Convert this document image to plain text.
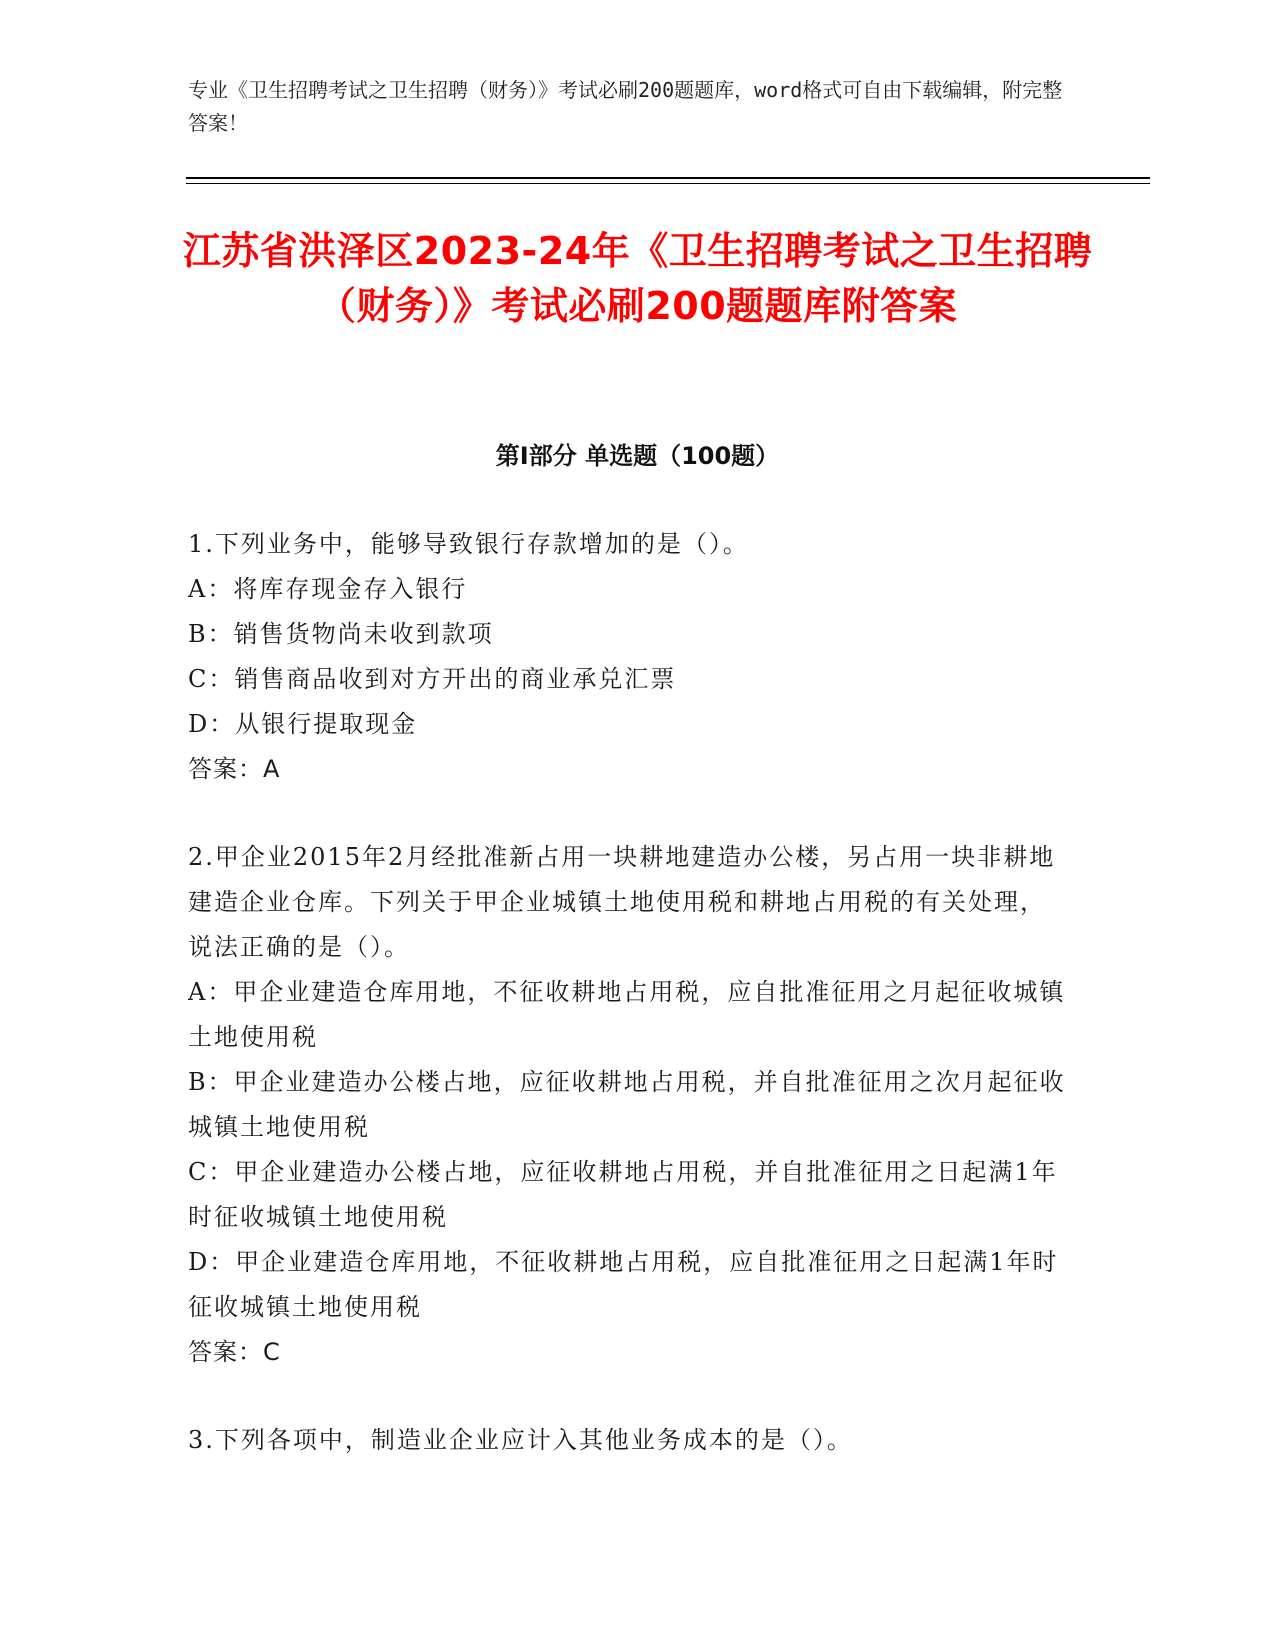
专业《卫生招聘考试之卫生招聘（财务）》考试必刷200题题库，word格式可自由下载编辑，附完整答案！
江苏省洪泽区2023-24年《卫生招聘考试之卫生招聘（财务）》考试必刷200题题库附答案
第Ⅰ部分 单选题（100题）

1.下列业务中，能够导致银行存款增加的是（）。

A：将库存现金存入银行

B：销售货物尚未收到款项

C：销售商品收到对方开出的商业承兑汇票

D：从银行提取现金

答案：A

2.甲企业2015年2月经批准新占用一块耕地建造办公楼，另占用一块非耕地建造企业仓库。下列关于甲企业城镇土地使用税和耕地占用税的有关处理，说法正确的是（）。

A：甲企业建造仓库用地，不征收耕地占用税，应自批准征用之月起征收城镇土地使用税

B：甲企业建造办公楼占地，应征收耕地占用税，并自批准征用之次月起征收城镇土地使用税

C：甲企业建造办公楼占地，应征收耕地占用税，并自批准征用之日起满1年时征收城镇土地使用税

D：甲企业建造仓库用地，不征收耕地占用税，应自批准征用之日起满1年时征收城镇土地使用税

答案：C

3.下列各项中，制造业企业应计入其他业务成本的是（）。
